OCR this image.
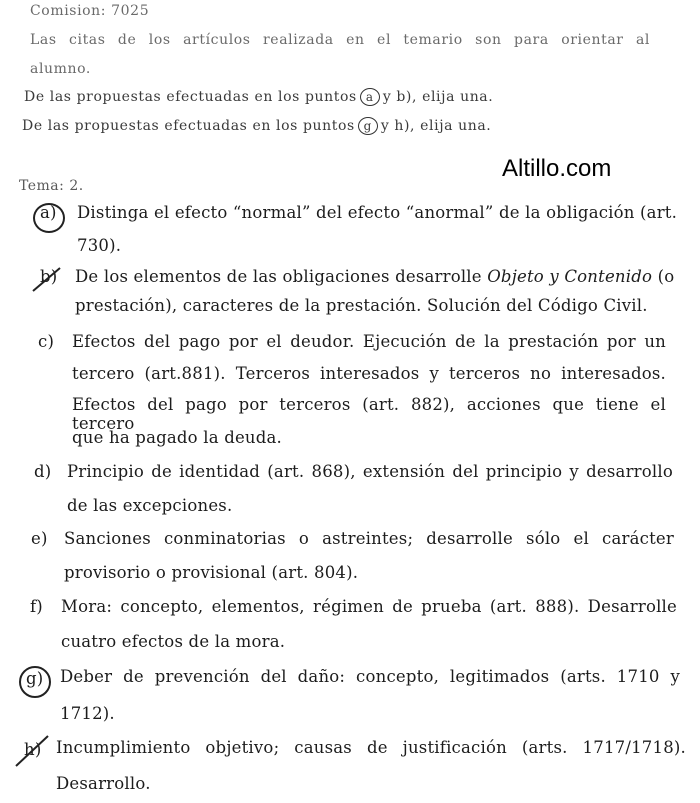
Comision: 7025
Las citas de los artículos realizada en el temario son para orientar al
alumno.
De las propuestas efectuadas en los puntos a y b), elija una.
De las propuestas efectuadas en los puntos g y h), elija una.
Altillo.com
Tema: 2.
a) Distinga el efecto “normal” del efecto “anormal” de la obligación (art.
730).
b) De los elementos de las obligaciones desarrolle Objeto y Contenido (o
prestación), caracteres de la prestación. Solución del Código Civil.
c) Efectos del pago por el deudor. Ejecución de la prestación por un
tercero (art.881). Terceros interesados y terceros no interesados.
Efectos del pago por terceros (art. 882), acciones que tiene el tercero
que ha pagado la deuda.
d) Principio de identidad (art. 868), extensión del principio y desarrollo
de las excepciones.
e) Sanciones conminatorias o astreintes; desarrolle sólo el carácter
provisorio o provisional (art. 804).
f) Mora: concepto, elementos, régimen de prueba (art. 888). Desarrolle
cuatro efectos de la mora.
g) Deber de prevención del daño: concepto, legitimados (arts. 1710 y
1712).
h) Incumplimiento objetivo; causas de justificación (arts. 1717/1718).
Desarrollo.
